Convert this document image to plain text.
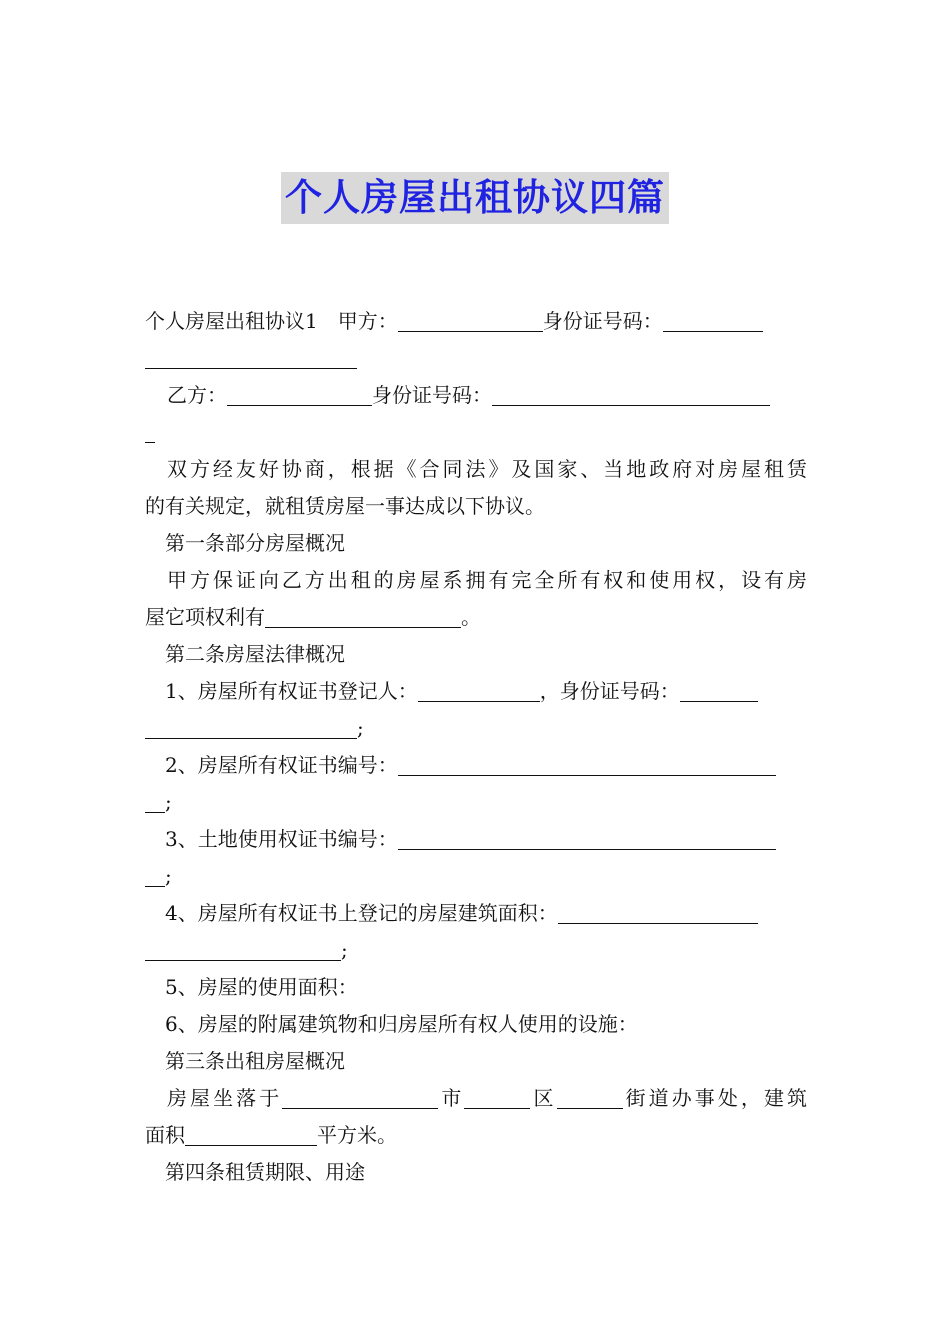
个人房屋出租协议四篇
个人房屋出租协议1　甲方：	身份证号码：
乙方：	身份证号码：
双方经友好协商，根据《合同法》及国家、当地政府对房屋租赁
的有关规定，就租赁房屋一事达成以下协议。
第一条部分房屋概况
甲方保证向乙方出租的房屋系拥有完全所有权和使用权，设有房
屋它项权利有	。
第二条房屋法律概况
1、房屋所有权证书登记人：	，身份证号码：
;
2、房屋所有权证书编号：
;
3、土地使用权证书编号：
;
4、房屋所有权证书上登记的房屋建筑面积：
;
5、房屋的使用面积：
6、房屋的附属建筑物和归房屋所有权人使用的设施：
第三条出租房屋概况
房屋坐落于	市	区	街道办事处，建筑
面积	平方米。
第四条租赁期限、用途
